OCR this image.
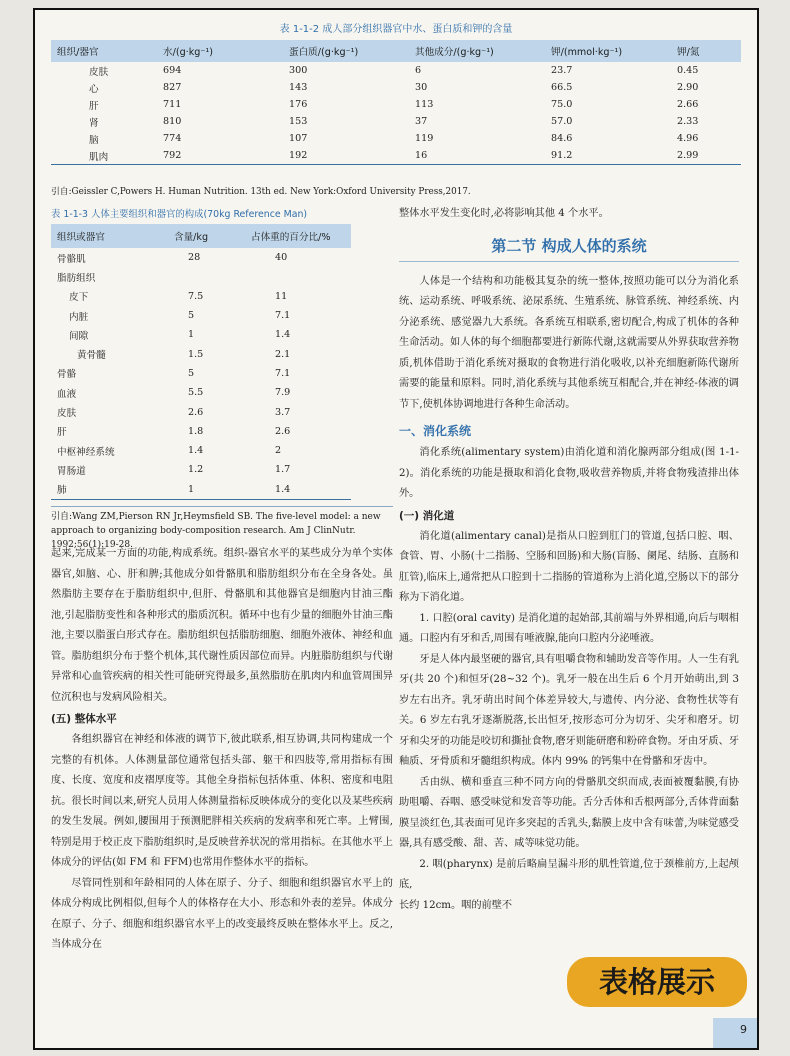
表 1-1-2 成人部分组织器官中水、蛋白质和钾的含量
组织/器官	水/(g·kg⁻¹)	蛋白质/(g·kg⁻¹)	其他成分/(g·kg⁻¹)	钾/(mmol·kg⁻¹)	钾/氮
皮肤	694	300	6	23.7	0.45
心	827	143	30	66.5	2.90
肝	711	176	113	75.0	2.66
肾	810	153	37	57.0	2.33
脑	774	107	119	84.6	4.96
肌肉	792	192	16	91.2	2.99
引自:Geissler C,Powers H. Human Nutrition. 13th ed. New York:Oxford University Press,2017.
表 1-1-3 人体主要组织和器官的构成(70kg Reference Man)
组织或器官	含量/kg	占体重的百分比/%
骨骼肌	28	40
脂肪组织		
皮下	7.5	11
内脏	5	7.1
间隙	1	1.4
黄骨髓	1.5	2.1
骨骼	5	7.1
血液	5.5	7.9
皮肤	2.6	3.7
肝	1.8	2.6
中枢神经系统	1.4	2
胃肠道	1.2	1.7
肺	1	1.4
引自:Wang ZM,Pierson RN Jr,Heymsfield SB. The five-level model: a new approach to organizing body-composition research. Am J ClinNutr. 1992;56(1):19-28.

起来,完成某一方面的功能,构成系统。组织-器官水平的某些成分为单个实体器官,如脑、心、肝和脾;其他成分如骨骼肌和脂肪组织分布在全身各处。虽然脂肪主要存在于脂肪组织中,但肝、骨骼肌和其他器官是细胞内甘油三酯池,引起脂肪变性和各种形式的脂质沉积。循环中也有少量的细胞外甘油三酯池,主要以脂蛋白形式存在。脂肪组织包括脂肪细胞、细胞外液体、神经和血管。脂肪组织分布于整个机体,其代谢性质因部位而异。内脏脂肪组织与代谢异常和心血管疾病的相关性可能研究得最多,虽然脂肪在肌肉内和血管周围异位沉积也与发病风险相关。

(五) 整体水平

各组织器官在神经和体液的调节下,彼此联系,相互协调,共同构建成一个完整的有机体。人体测量部位通常包括头部、躯干和四肢等,常用指标有围度、长度、宽度和皮褶厚度等。其他全身指标包括体重、体积、密度和电阻抗。很长时间以来,研究人员用人体测量指标反映体成分的变化以及某些疾病的发生发展。例如,腰围用于预测肥胖相关疾病的发病率和死亡率。上臂围,特别是用于校正皮下脂肪组织时,是反映营养状况的常用指标。在其他水平上体成分的评估(如 FM 和 FFM)也常用作整体水平的指标。

尽管同性别和年龄相同的人体在原子、分子、细胞和组织器官水平上的体成分构成比例相似,但每个人的体格存在大小、形态和外表的差异。体成分在原子、分子、细胞和组织器官水平上的改变最终反映在整体水平上。反之,当体成分在

整体水平发生变化时,必将影响其他 4 个水平。

第二节 构成人体的系统

人体是一个结构和功能极其复杂的统一整体,按照功能可以分为消化系统、运动系统、呼吸系统、泌尿系统、生殖系统、脉管系统、神经系统、内分泌系统、感觉器九大系统。各系统互相联系,密切配合,构成了机体的各种生命活动。如人体的每个细胞都要进行新陈代谢,这就需要从外界获取营养物质,机体借助于消化系统对摄取的食物进行消化吸收,以补充细胞新陈代谢所需要的能量和原料。同时,消化系统与其他系统互相配合,并在神经-体液的调节下,使机体协调地进行各种生命活动。

一、消化系统

消化系统(alimentary system)由消化道和消化腺两部分组成(图 1-1-2)。消化系统的功能是摄取和消化食物,吸收营养物质,并将食物残渣排出体外。

(一) 消化道

消化道(alimentary canal)是指从口腔到肛门的管道,包括口腔、咽、食管、胃、小肠(十二指肠、空肠和回肠)和大肠(盲肠、阑尾、结肠、直肠和肛管),临床上,通常把从口腔到十二指肠的管道称为上消化道,空肠以下的部分称为下消化道。

1. 口腔(oral cavity) 是消化道的起始部,其前端与外界相通,向后与咽相通。口腔内有牙和舌,周围有唾液腺,能向口腔内分泌唾液。

牙是人体内最坚硬的器官,具有咀嚼食物和辅助发音等作用。人一生有乳牙(共 20 个)和恒牙(28~32 个)。乳牙一般在出生后 6 个月开始萌出,到 3 岁左右出齐。乳牙萌出时间个体差异较大,与遗传、内分泌、食物性状等有关。6 岁左右乳牙逐渐脱落,长出恒牙,按形态可分为切牙、尖牙和磨牙。切牙和尖牙的功能是咬切和撕扯食物,磨牙则能研磨和粉碎食物。牙由牙质、牙釉质、牙骨质和牙髓组织构成。体内 99% 的钙集中在骨骼和牙齿中。

舌由纵、横和垂直三种不同方向的骨骼肌交织而成,表面被覆黏膜,有协助咀嚼、吞咽、感受味觉和发音等功能。舌分舌体和舌根两部分,舌体背面黏膜呈淡红色,其表面可见许多突起的舌乳头,黏膜上皮中含有味蕾,为味觉感受器,具有感受酸、甜、苦、咸等味觉功能。

2. 咽(pharynx) 是前后略扁呈漏斗形的肌性管道,位于颈椎前方,上起颅底,

长约 12cm。咽的前壁不

表格展示
9
